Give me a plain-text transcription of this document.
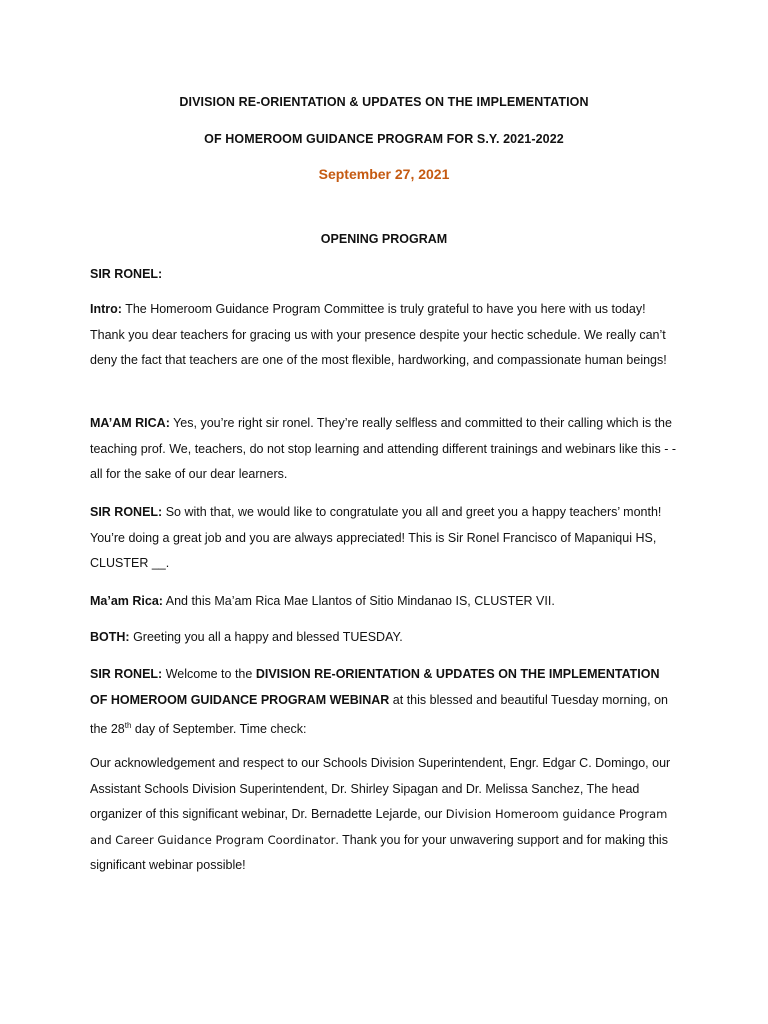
DIVISION RE-ORIENTATION & UPDATES ON THE IMPLEMENTATION
OF HOMEROOM GUIDANCE PROGRAM FOR S.Y. 2021-2022
September 27, 2021
OPENING PROGRAM
SIR RONEL:

Intro: The Homeroom Guidance Program Committee is truly grateful to have you here with us today! Thank you dear teachers for gracing us with your presence despite your hectic schedule. We really can’t deny the fact that teachers are one of the most flexible, hardworking, and compassionate human beings!

MA’AM RICA: Yes, you’re right sir ronel. They’re really selfless and committed to their calling which is the teaching prof. We, teachers, do not stop learning and attending different trainings and webinars like this - - all for the sake of our dear learners.

SIR RONEL: So with that, we would like to congratulate you all and greet you a happy teachers’ month! You’re doing a great job and you are always appreciated! This is Sir Ronel Francisco of Mapaniqui HS, CLUSTER __.

Ma’am Rica: And this Ma’am Rica Mae Llantos of Sitio Mindanao IS, CLUSTER VII.

BOTH: Greeting you all a happy and blessed TUESDAY.

SIR RONEL: Welcome to the DIVISION RE-ORIENTATION & UPDATES ON THE IMPLEMENTATION OF HOMEROOM GUIDANCE PROGRAM WEBINAR at this blessed and beautiful Tuesday morning, on the 28th day of September. Time check:

Our acknowledgement and respect to our Schools Division Superintendent, Engr. Edgar C. Domingo, our Assistant Schools Division Superintendent, Dr. Shirley Sipagan and Dr. Melissa Sanchez, The head organizer of this significant webinar, Dr. Bernadette Lejarde, our Division Homeroom guidance Program and Career Guidance Program Coordinator. Thank you for your unwavering support and for making this significant webinar possible!
